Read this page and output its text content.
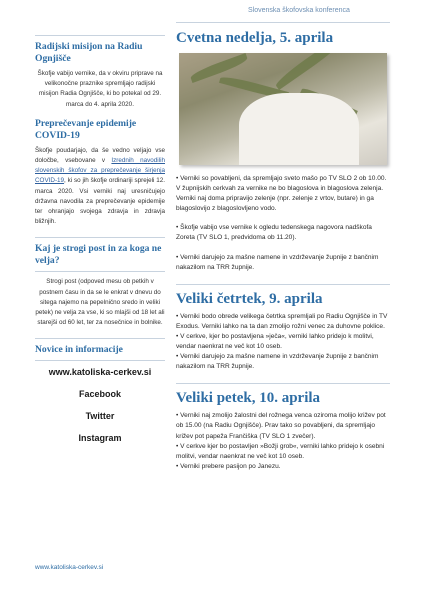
Slovenska škofovska konferenca
Radijski misijon na Radiu Ognjišče
Škofje vabijo vernike, da v okviru priprave na velikonočne praznike spremljajo radijski misijon Radia Ognjišče, ki bo potekal od 29. marca do 4. aprila 2020.
Preprečevanje epidemije COVID-19
Škofje poudarjajo, da še vedno veljajo vse določbe, vsebovane v Izrednih navodilih slovenskih škofov za preprečevanje širjenja COVID-19, ki so jih škofje ordinariji sprejeli 12. marca 2020. Vsi verniki naj uresničujejo državna navodila za preprečevanje epidemije ter ohranjajo svojega zdravja in zdravja bližnjih.
Kaj je strogi post in za koga ne velja?
Strogi post (odpoved mesu ob petkih v postnem času in da se le enkrat v dnevu do sitega najemo na pepelnično sredo in veliki petek) ne velja za vse, ki so mlajši od 18 let ali starejši od 60 let, ter za nosečnice in bolnike.
Novice in informacije
www.katoliska-cerkev.si
Facebook
Twitter
Instagram
www.katoliska-cerkev.si
Cvetna nedelja, 5. aprila
• Verniki so povabljeni, da spremljajo sveto mašo po TV SLO 2 ob 10.00. V župnijskih cerkvah za vernike ne bo blagoslova in blagoslova zelenja. Verniki naj doma pripravijo zelenje (npr. zelenje z vrtov, butare) in ga blagoslovijo z blagoslovljeno vodo.
• Škofje vabijo vse vernike k ogledu tedenskega nagovora nadškofa Zoreta (TV SLO 1, predvidoma ob 11.20).
• Verniki darujejo za mašne namene in vzdrževanje župnije z bančnim nakazilom na TRR župnije.
Veliki četrtek, 9. aprila
• Verniki bodo obrede velikega četrtka spremljali po Radiu Ognjišče in TV Exodus. Verniki lahko na ta dan zmolijo rožni venec za duhovne poklice.
• V cerkve, kjer bo postavljena »ječa«, verniki lahko pridejo k molitvi, vendar naenkrat ne več kot 10 oseb.
• Verniki darujejo za mašne namene in vzdrževanje župnije z bančnim nakazilom na TRR župnije.
Veliki petek, 10. aprila
• Verniki naj zmolijo žalostni del rožnega venca oziroma molijo križev pot ob 15.00 (na Radiu Ognjišče). Prav tako so povabljeni, da spremljajo križev pot papeža Frančiška (TV SLO 1 zvečer).
• V cerkve kjer bo postavljen »Božji grob«, verniki lahko pridejo k osebni molitvi, vendar naenkrat ne več kot 10 oseb.
• Verniki prebere pasijon po Janezu.
